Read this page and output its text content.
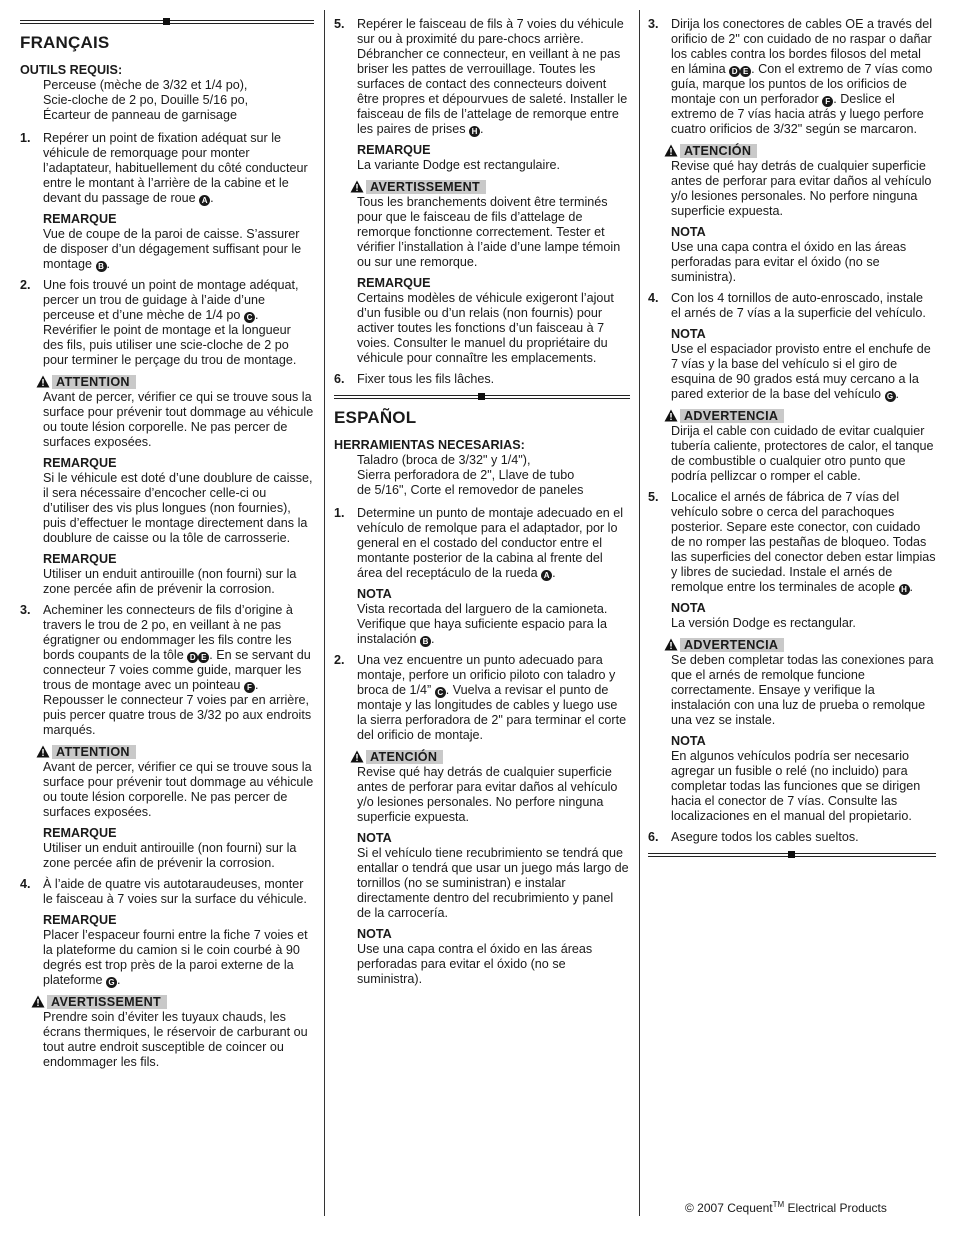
FRANÇAIS
OUTILS REQUIS:
Perceuse (mèche de 3/32 et 1/4 po),
Scie-cloche de 2 po, Douille 5/16 po,
Écarteur de panneau de garnisage
1. Repérer un point de fixation adéquat sur le véhicule de remorquage pour monter l’adaptateur, habituellement du côté conducteur entre le montant à l’arrière de la cabine et le devant du passage de roue A .

REMARQUE
Vue de coupe de la paroi de caisse. S’assurer de disposer d’un dégagement suffisant pour le montage B .
2. Une fois trouvé un point de montage adéquat, percer un trou de guidage à l’aide d’une perceuse et d’une mèche de 1/4 po C . Revérifier le point de montage et la longueur des fils, puis utiliser une scie-cloche de 2 po pour terminer le perçage du trou de montage.

ATTENTION
Avant de percer, vérifier ce qui se trouve sous la surface pour prévenir tout dommage au véhicule ou toute lésion corporelle. Ne pas percer de surfaces exposées.
REMARQUE
Si le véhicule est doté d’une doublure de caisse, il sera nécessaire d’encocher celle-ci ou d’utiliser des vis plus longues (non fournies), puis d’effectuer le montage directement dans la doublure de caisse ou la tôle de carrosserie.
REMARQUE
Utiliser un enduit antirouille (non fourni) sur la zone percée afin de prévenir la corrosion.
3. Acheminer les connecteurs de fils d’origine à travers le trou de 2 po, en veillant à ne pas égratigner ou endommager les fils contre les bords coupants de la tôle D E . En se servant du connecteur 7 voies comme guide, marquer les trous de montage avec un pointeau F . Repousser le connecteur 7 voies par en arrière, puis percer quatre trous de 3/32 po aux endroits marqués.

ATTENTION
Avant de percer, vérifier ce qui se trouve sous la surface pour prévenir tout dommage au véhicule ou toute lésion corporelle. Ne pas percer de surfaces exposées.
REMARQUE
Utiliser un enduit antirouille (non fourni) sur la zone percée afin de prévenir la corrosion.
4. À l’aide de quatre vis autotaraudeuses, monter le faisceau à 7 voies sur la surface du véhicule.

REMARQUE
Placer l’espaceur fourni entre la fiche 7 voies et la plateforme du camion si le coin courbé à 90 degrés est trop près de la paroi externe de la plateforme G .
AVERTISSEMENT
Prendre soin d’éviter les tuyaux chauds, les écrans thermiques, le réservoir de carburant ou tout autre endroit susceptible de coincer ou endommager les fils.
5. Repérer le faisceau de fils à 7 voies du véhicule sur ou à proximité du pare-chocs arrière. Débrancher ce connecteur, en veillant à ne pas briser les pattes de verrouillage. Toutes les surfaces de contact des connecteurs doivent être propres et dépourvues de saleté. Installer le faisceau de fils de l’attelage de remorque entre les paires de prises H .

REMARQUE
La variante Dodge est rectangulaire.
AVERTISSEMENT
Tous les branchements doivent être terminés pour que le faisceau de fils d’attelage de remorque fonctionne correctement. Tester et vérifier l’installation à l’aide d’une lampe témoin ou sur une remorque.
REMARQUE
Certains modèles de véhicule exigeront l’ajout d’un fusible ou d’un relais (non fournis) pour activer toutes les fonctions d’un faisceau à 7 voies. Consulter le manuel du propriétaire du véhicule pour connaître les emplacements.
6. Fixer tous les fils lâches.

ESPAÑOL
HERRAMIENTAS NECESARIAS:
Taladro (broca de 3/32" y 1/4"),
Sierra perforadora de 2", Llave de tubo
de 5/16", Corte el removedor de paneles
1. Determine un punto de montaje adecuado en el vehículo de remolque para el adaptador, por lo general en el costado del conductor entre el montante posterior de la cabina al frente del área del receptáculo de la rueda A .

NOTA
Vista recortada del larguero de la camioneta. Verifique que haya suficiente espacio para la instalación B .
2. Una vez encuentre un punto adecuado para montaje, perfore un orificio piloto con taladro y broca de 1/4” C . Vuelva a revisar el punto de montaje y las longitudes de cables y luego use la sierra perforadora de 2" para terminar el corte del orificio de montaje.

ATENCIÓN
Revise qué hay detrás de cualquier superficie antes de perforar para evitar daños al vehículo y/o lesiones personales. No perfore ninguna superficie expuesta.
NOTA
Si el vehículo tiene recubrimiento se tendrá que entallar o tendrá que usar un juego más largo de tornillos (no se suministran) e instalar directamente dentro del recubrimiento y panel de la carrocería.
NOTA
Use una capa contra el óxido en las áreas perforadas para evitar el óxido (no se suministra).
3. Dirija los conectores de cables OE a través del orificio de 2" con cuidado de no raspar o dañar los cables contra los bordes filosos del metal en lámina D E . Con el extremo de 7 vías como guía, marque los puntos de los orificios de montaje con un perforador F . Deslice el extremo de 7 vías hacia atrás y luego perfore cuatro orificios de 3/32" según se marcaron.

ATENCIÓN
Revise qué hay detrás de cualquier superficie antes de perforar para evitar daños al vehículo y/o lesiones personales. No perfore ninguna superficie expuesta.
NOTA
Use una capa contra el óxido en las áreas perforadas para evitar el óxido (no se suministra).
4. Con los 4 tornillos de auto-enroscado, instale el arnés de 7 vías a la superficie del vehículo.

NOTA
Use el espaciador provisto entre el enchufe de 7 vías y la base del vehículo si el giro de esquina de 90 grados está muy cercano a la pared exterior de la base del vehículo G .
ADVERTENCIA
Dirija el cable con cuidado de evitar cualquier tubería caliente, protectores de calor, el tanque de combustible o cualquier otro punto que podría pellizcar o romper el cable.
5. Localice el arnés de fábrica de 7 vías del vehículo sobre o cerca del parachoques posterior. Separe este conector, con cuidado de no romper las pestañas de bloqueo. Todas las superficies del conector deben estar limpias y libres de suciedad. Instale el arnés de remolque entre los terminales de acople H .

NOTA
La versión Dodge es rectangular.
ADVERTENCIA
Se deben completar todas las conexiones para que el arnés de remolque funcione correctamente. Ensaye y verifique la instalación con una luz de prueba o remolque una vez se instale.
NOTA
En algunos vehículos podría ser necesario agregar un fusible o relé (no incluido) para completar todas las funciones que se dirigen hacia el conector de 7 vías. Consulte las localizaciones en el manual del propietario.
6. Asegure todos los cables sueltos.

© 2007 Cequent™ Electrical Products
